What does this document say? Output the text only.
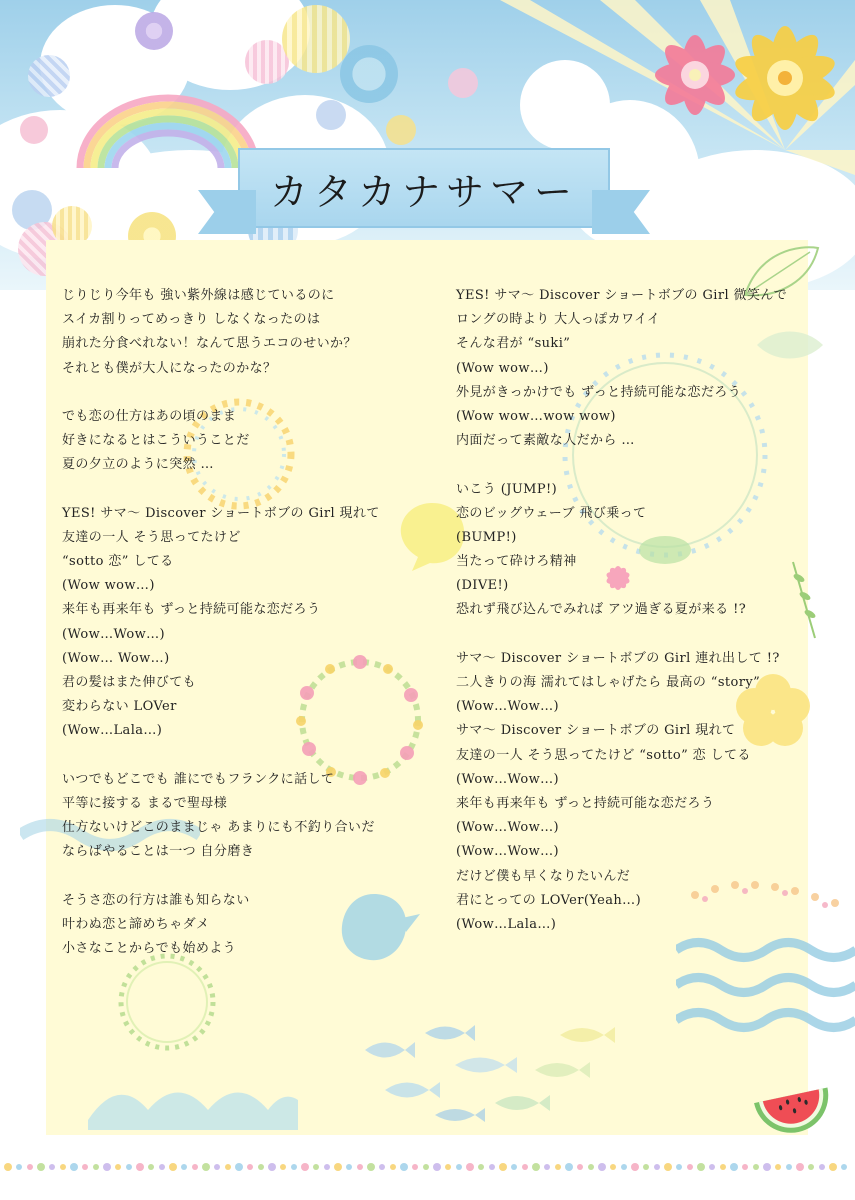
カタカナサマー
じりじり今年も 強い紫外線は感じているのに
スイカ割りってめっきり しなくなったのは
崩れた分食べれない！なんて思うエコのせいか？
それとも僕が大人になったのかな？
でも恋の仕方はあの頃のまま
好きになるとはこういうことだ
夏の夕立のように突然 …
YES! サマ〜 Discover ショートボブの Girl 現れて
友達の一人 そう思ってたけど
“sotto 恋” してる
(Wow wow…)
来年も再来年も ずっと持続可能な恋だろう
(Wow…Wow…)
(Wow… Wow…)
君の髪はまた伸びても
変わらない LOVer
(Wow…Lala…)
いつでもどこでも 誰にでもフランクに話して
平等に接する まるで聖母様
仕方ないけどこのままじゃ あまりにも不釣り合いだ
ならばやることは一つ 自分磨き
そうさ恋の行方は誰も知らない
叶わぬ恋と諦めちゃダメ
小さなことからでも始めよう
YES! サマ〜 Discover ショートボブの Girl 微笑んで
ロングの時より 大人っぽカワイイ
そんな君が “suki”
(Wow wow…)
外見がきっかけでも ずっと持続可能な恋だろう
(Wow wow…wow wow)
内面だって素敵な人だから …
いこう (JUMP!)
恋のビッグウェーブ 飛び乗って
(BUMP!)
当たって砕けろ精神
(DIVE!)
恐れず飛び込んでみれば アツ過ぎる夏が来る !?
サマ〜 Discover ショートボブの Girl 連れ出して !?
二人きりの海 濡れてはしゃげたら 最高の “story”
(Wow…Wow…)
サマ〜 Discover ショートボブの Girl 現れて
友達の一人 そう思ってたけど “sotto” 恋 してる
(Wow…Wow…)
来年も再来年も ずっと持続可能な恋だろう
(Wow…Wow…)
(Wow…Wow…)
だけど僕も早くなりたいんだ
君にとっての LOVer(Yeah…)
(Wow…Lala…)
